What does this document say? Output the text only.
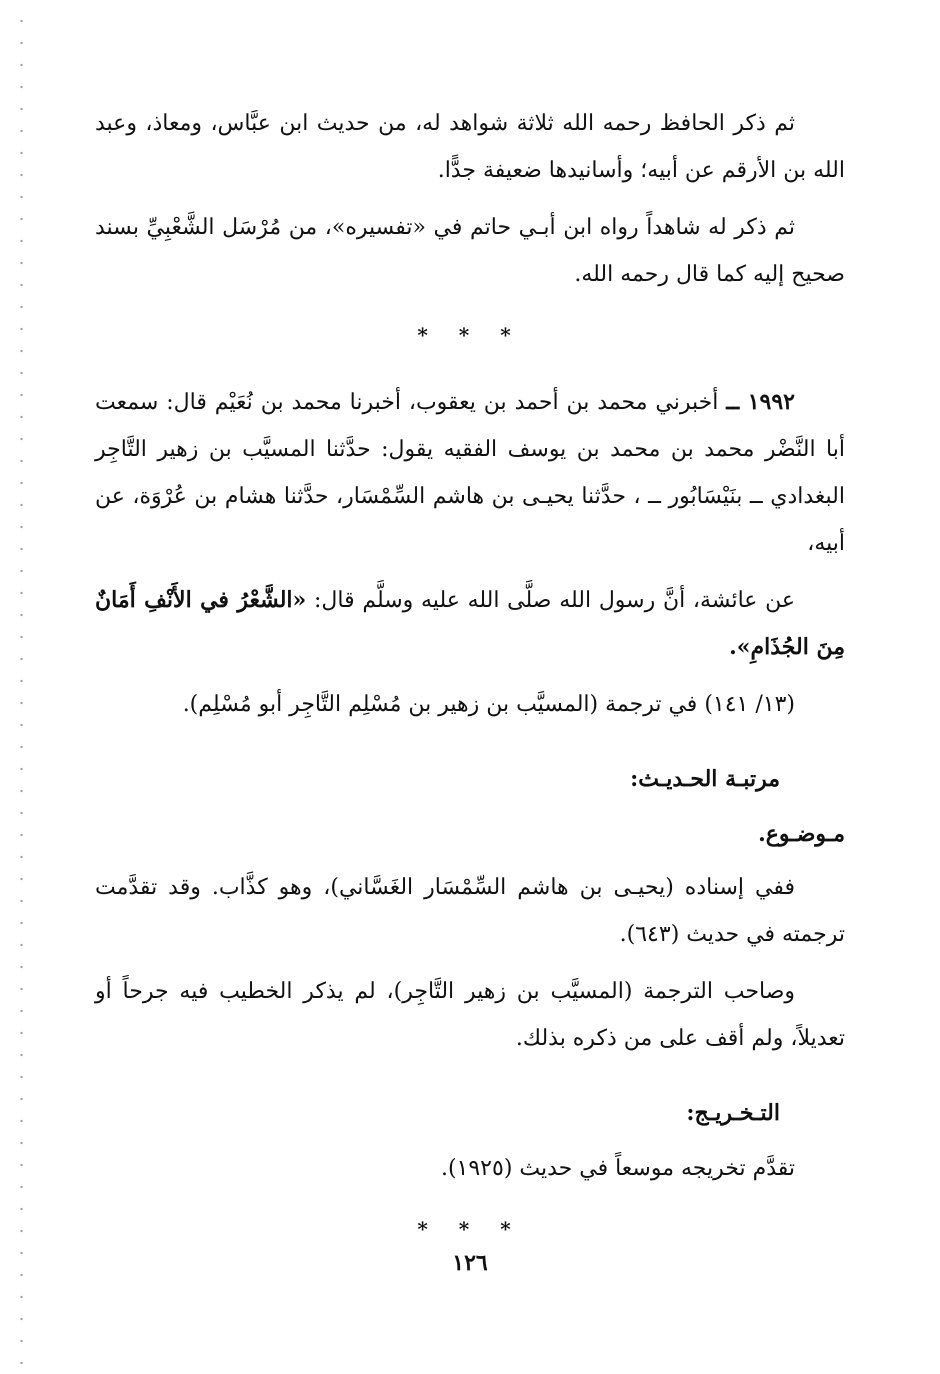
ثم ذكر الحافظ رحمه الله ثلاثة شواهد له، من حديث ابن عبَّاس، ومعاذ، وعبد الله بن الأرقم عن أبيه؛ وأسانيدها ضعيفة جدًّا.

ثم ذكر له شاهداً رواه ابن أبـي حاتم في «تفسيره»، من مُرْسَل الشَّعْبِيِّ بسند صحيح إليه كما قال رحمه الله.

* * *

١٩٩٢ ــ أخبرني محمد بن أحمد بن يعقوب، أخبرنا محمد بن نُعَيْم قال: سمعت أبا النَّضْر محمد بن محمد بن يوسف الفقيه يقول: حدَّثنا المسيَّب بن زهير التَّاجِر البغدادي ــ بنَيْسَابُور ــ ، حدَّثنا يحيـى بن هاشم السِّمْسَار، حدَّثنا هشام بن عُرْوَة، عن أبيه،

عن عائشة، أنَّ رسول الله صلَّى الله عليه وسلَّم قال: «الشَّعْرُ في الأَنْفِ أَمَانٌ مِنَ الجُذَامِ».

(١٣/ ١٤١) في ترجمة (المسيَّب بن زهير بن مُسْلِم التَّاجِر أبو مُسْلِم).

مرتبـة الحـديـث:
مـوضـوع.

ففي إسناده (يحيـى بن هاشم السِّمْسَار الغَسَّاني)، وهو كذَّاب. وقد تقدَّمت ترجمته في حديث (٦٤٣).

وصاحب الترجمة (المسيَّب بن زهير التَّاجِر)، لم يذكر الخطيب فيه جرحاً أو تعديلاً، ولم أقف على من ذكره بذلك.

التـخـريـج:

تقدَّم تخريجه موسعاً في حديث (١٩٢٥).

* * *
١٢٦
